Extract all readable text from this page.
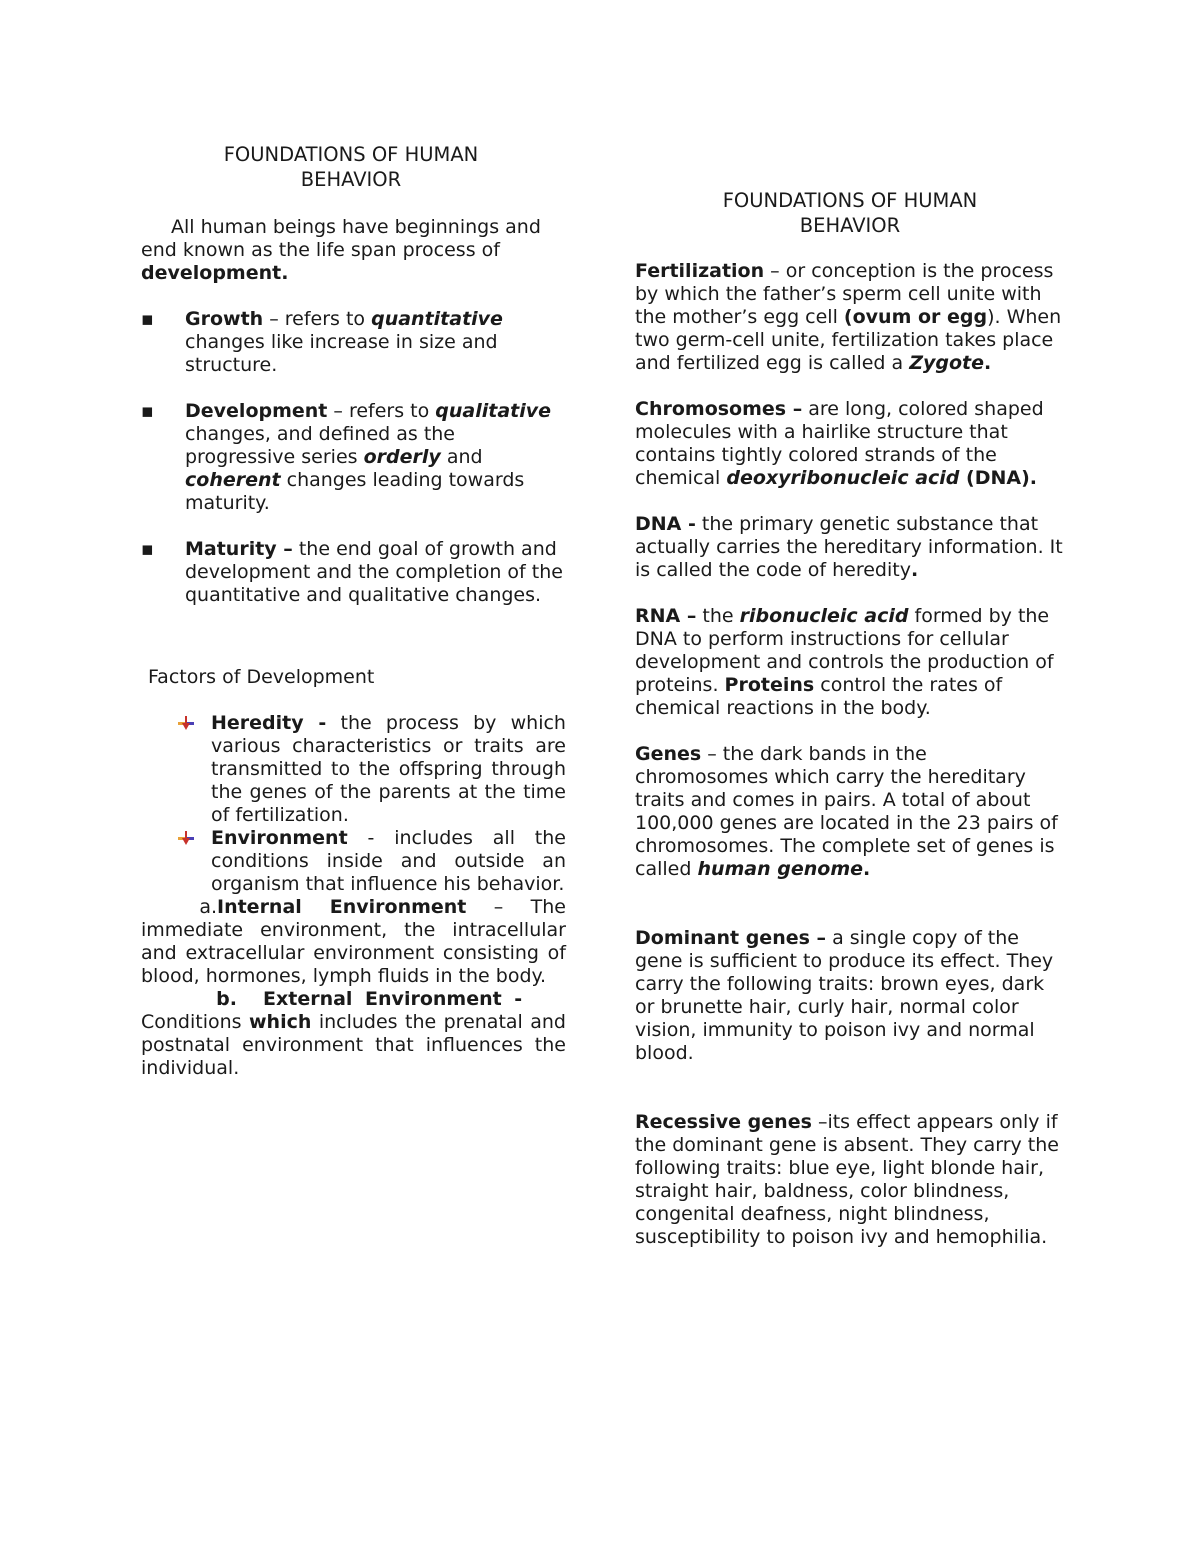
FOUNDATIONS OF HUMAN
BEHAVIOR

All human beings have beginnings and end known as the life span process of development.

▪ Growth – refers to quantitative changes like increase in size and structure.
▪ Development – refers to qualitative changes, and defined as the progressive series orderly and coherent changes leading towards maturity.
▪ Maturity – the end goal of growth and development and the completion of the quantitative and qualitative changes.

Factors of Development

Heredity - the process by which various characteristics or traits are transmitted to the offspring through the genes of the parents at the time of fertilization.
Environment - includes all the conditions inside and outside an organism that influence his behavior.

a.Internal Environment – The immediate environment, the intracellular and extracellular environment consisting of blood, hormones, lymph fluids in the body.

b. External Environment -
Conditions which includes the prenatal and postnatal environment that influences the individual.

FOUNDATIONS OF HUMAN
BEHAVIOR

Fertilization – or conception is the process by which the father’s sperm cell unite with the mother’s egg cell (ovum or egg). When two germ-cell unite, fertilization takes place and fertilized egg is called a Zygote.

Chromosomes – are long, colored shaped molecules with a hairlike structure that contains tightly colored strands of the chemical deoxyribonucleic acid (DNA).

DNA - the primary genetic substance that actually carries the hereditary information. It is called the code of heredity.

RNA – the ribonucleic acid formed by the DNA to perform instructions for cellular development and controls the production of proteins. Proteins control the rates of chemical reactions in the body.

Genes – the dark bands in the chromosomes which carry the hereditary traits and comes in pairs. A total of about 100,000 genes are located in the 23 pairs of chromosomes. The complete set of genes is called human genome.

Dominant genes – a single copy of the gene is sufficient to produce its effect. They carry the following traits: brown eyes, dark or brunette hair, curly hair, normal color vision, immunity to poison ivy and normal blood.

Recessive genes –its effect appears only if the dominant gene is absent. They carry the following traits: blue eye, light blonde hair, straight hair, baldness, color blindness, congenital deafness, night blindness, susceptibility to poison ivy and hemophilia.
